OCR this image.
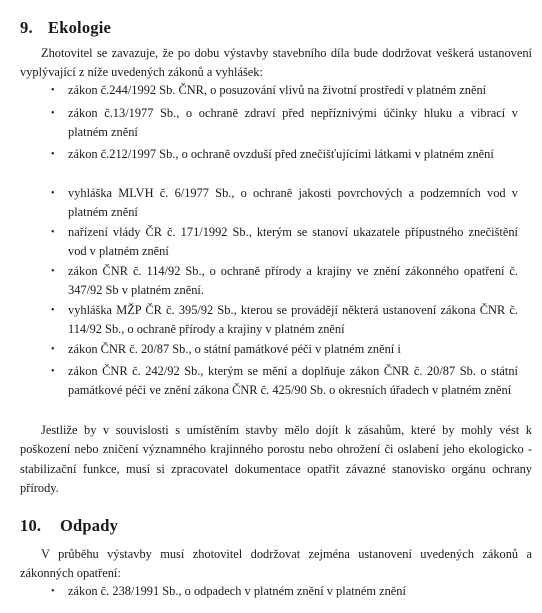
9. Ekologie
Zhotovitel se zavazuje, že po dobu výstavby stavebního díla bude dodržovat veškerá ustanovení vyplývající z níže uvedených zákonů a vyhlášek:
• zákon č.244/1992 Sb. ČNR, o posuzování vlivů na životní prostředí v platném znění
• zákon č.13/1977 Sb., o ochraně zdraví před nepříznivými účinky hluku a vibrací v platném znění
• zákon č.212/1997 Sb., o ochraně ovzduší před znečišťujícími látkami v platném znění
• vyhláška MLVH č. 6/1977 Sb., o ochraně jakosti povrchových a podzemních vod v platném znění
• nařízení vlády ČR č. 171/1992 Sb., kterým se stanoví ukazatele přípustného znečištění vod v platném znění
• zákon ČNR č. 114/92 Sb., o ochraně přírody a krajiny ve znění zákonného opatření č. 347/92 Sb v platném znění.
• vyhláška MŽP ČR č. 395/92 Sb., kterou se provádějí některá ustanovení zákona ČNR č. 114/92 Sb., o ochraně přírody a krajiny v platném znění
• zákon ČNR č. 20/87 Sb., o státní památkové péči v platném znění i
• zákon ČNR č. 242/92 Sb., kterým se mění a doplňuje zákon ČNR č. 20/87 Sb. o státní památkové péči ve znění zákona ČNR č. 425/90 Sb. o okresních úřadech v platném znění
Jestliže by v souvislosti s umístěním stavby mělo dojít k zásahům, které by mohly vést k poškození nebo zničení významného krajinného porostu nebo ohrožení či oslabení jeho ekologicko - stabilizační funkce, musí si zpracovatel dokumentace opatřit závazné stanovisko orgánu ochrany přírody.
10. Odpady
V průběhu výstavby musí zhotovitel dodržovat zejména ustanovení uvedených zákonů a zákonných opatření:
• zákon č. 238/1991 Sb., o odpadech v platném znění v platném znění
